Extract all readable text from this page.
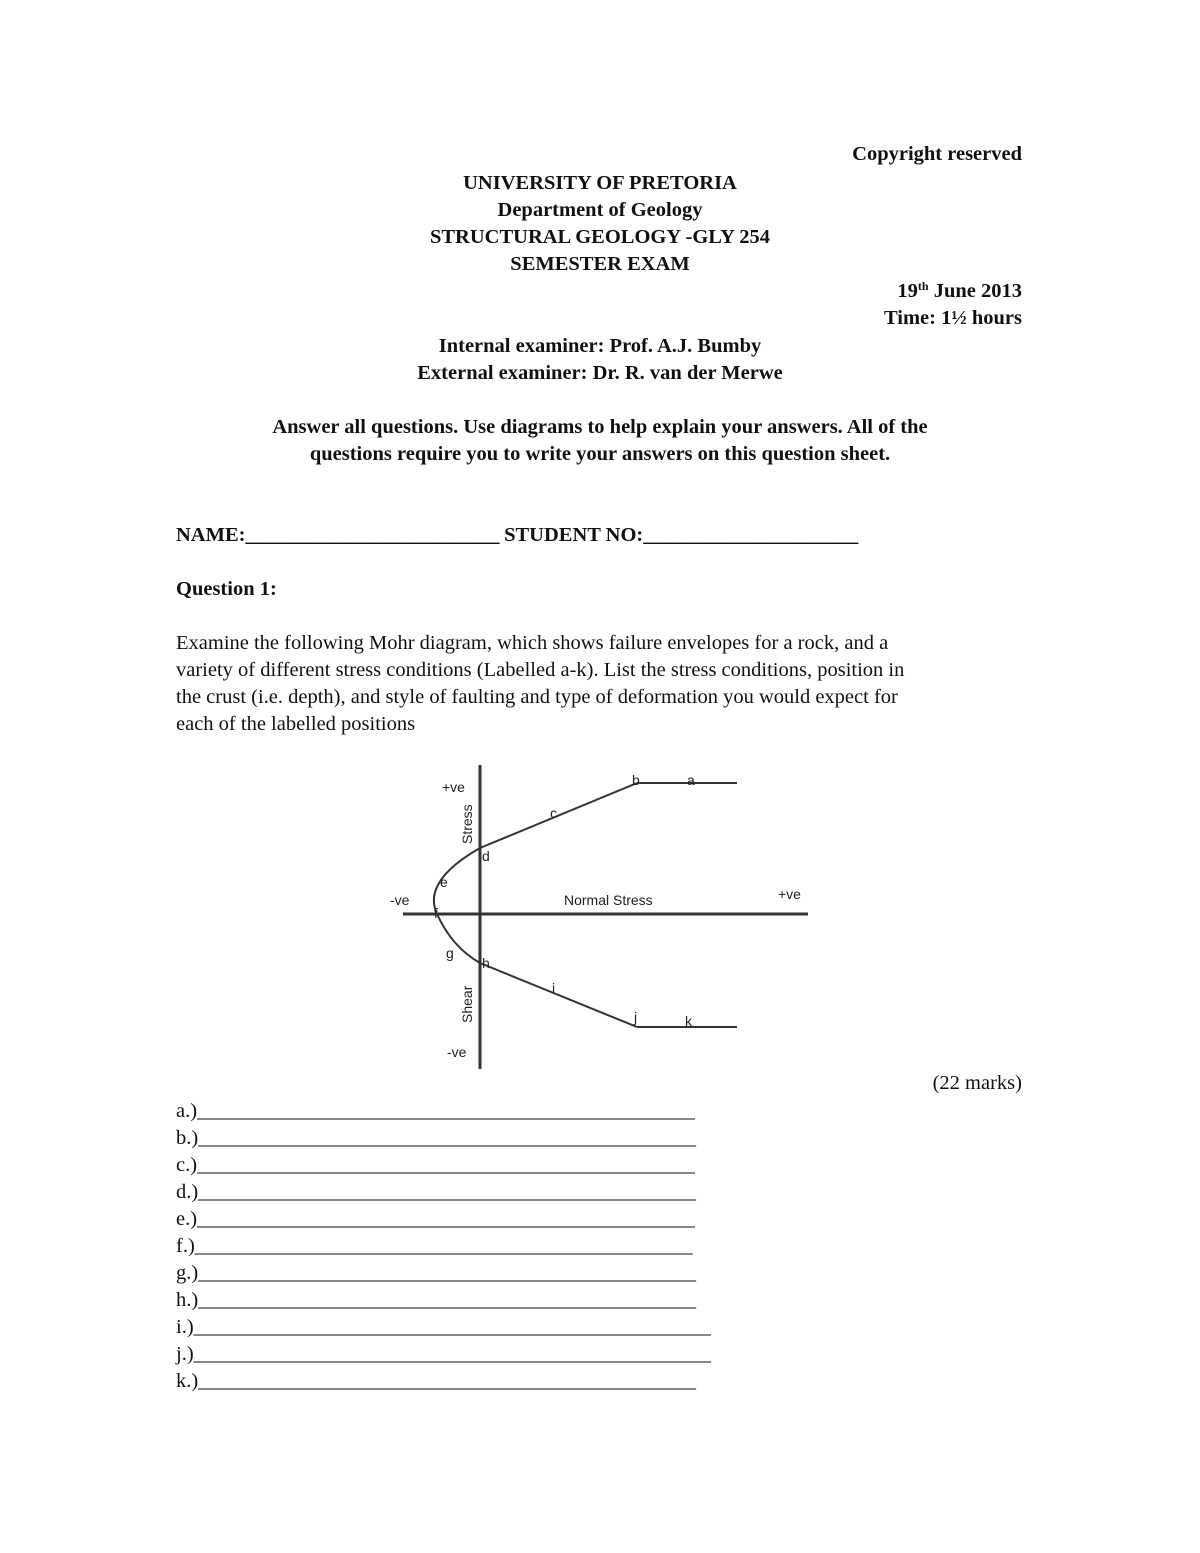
Copyright reserved
UNIVERSITY OF PRETORIA
Department of Geology
STRUCTURAL GEOLOGY -GLY 254
SEMESTER EXAM
19th June 2013
Time: 1½ hours
Internal examiner: Prof. A.J. Bumby
External examiner: Dr. R. van der Merwe
Answer all questions. Use diagrams to help explain your answers. All of the
questions require you to write your answers on this question sheet.
NAME:__________________________ STUDENT NO:______________________
Question 1:
Examine the following Mohr diagram, which shows failure envelopes for a rock, and a
variety of different stress conditions (Labelled a-k). List the stress conditions, position in
the crust (i.e. depth), and style of faulting and type of deformation you would expect for
each of the labelled positions
+ve
-ve
-ve	+ve
Normal Stress
Stress
Shear
a
b
c
d
e
f
g
h
i
j	k
(22 marks)
a.)___________________________________________________
b.)___________________________________________________
c.)___________________________________________________
d.)___________________________________________________
e.)___________________________________________________
f.)___________________________________________________
g.)___________________________________________________
h.)___________________________________________________
i.)_____________________________________________________
j.)_____________________________________________________
k.)___________________________________________________
